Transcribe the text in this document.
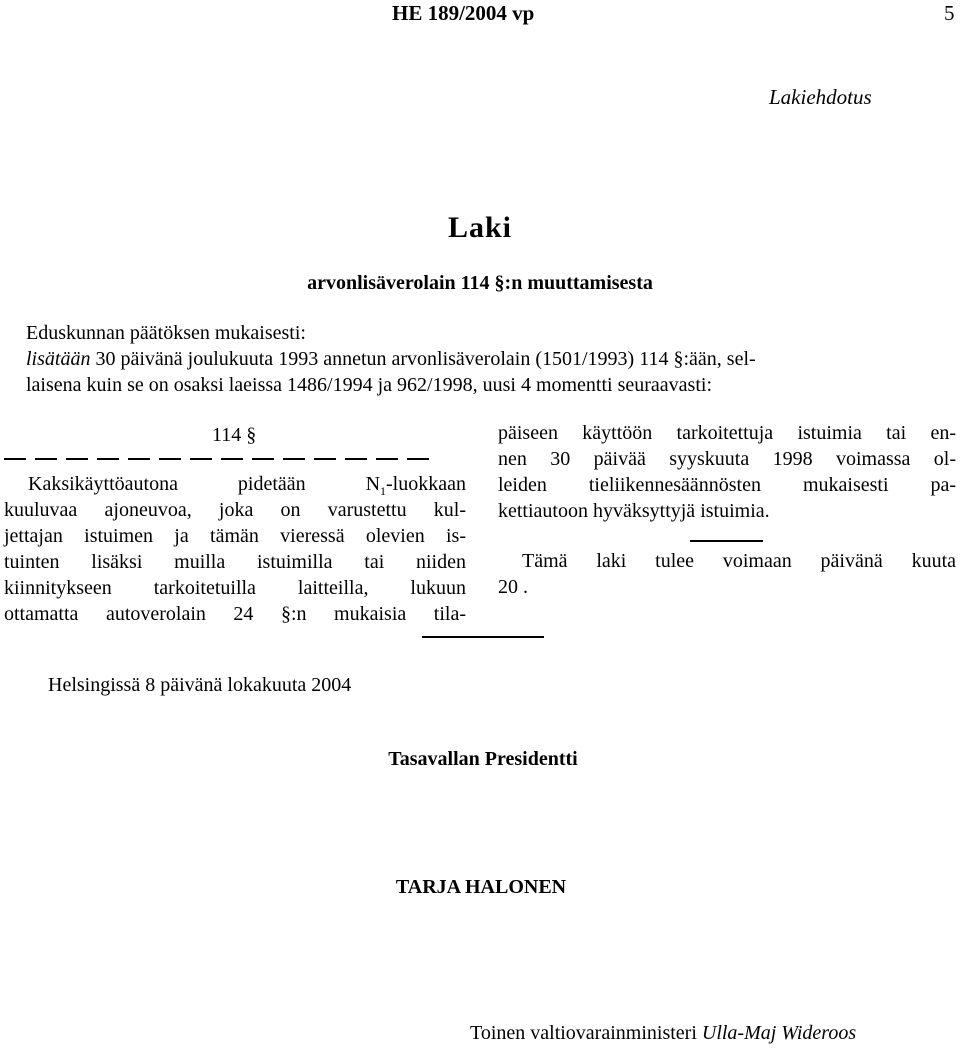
HE 189/2004 vp	5
Lakiehdotus
Laki
arvonlisäverolain 114 §:n muuttamisesta
Eduskunnan päätöksen mukaisesti:
lisätään 30 päivänä joulukuuta 1993 annetun arvonlisäverolain (1501/1993) 114 §:ään, sel-
laisena kuin se on osaksi laeissa 1486/1994 ja 962/1998, uusi 4 momentti seuraavasti:
114 §
Kaksikäyttöautona pidetään $N_1$-luokkaan
kuuluvaa ajoneuvoa, joka on varustettu kul-
jettajan istuimen ja tämän vieressä olevien is-
tuinten lisäksi muilla istuimilla tai niiden
kiinnitykseen tarkoitetuilla laitteilla, lukuun
ottamatta autoverolain 24 §:n mukaisia tila-
päiseen käyttöön tarkoitettuja istuimia tai en-
nen 30 päivää syyskuuta 1998 voimassa ol-
leiden tieliikennesäännösten mukaisesti pa-
kettiautoon hyväksyttyjä istuimia.
Tämä laki tulee voimaan päivänä kuuta
20 .
Helsingissä 8 päivänä lokakuuta 2004
Tasavallan Presidentti
TARJA HALONEN
Toinen valtiovarainministeri Ulla-Maj Wideroos
